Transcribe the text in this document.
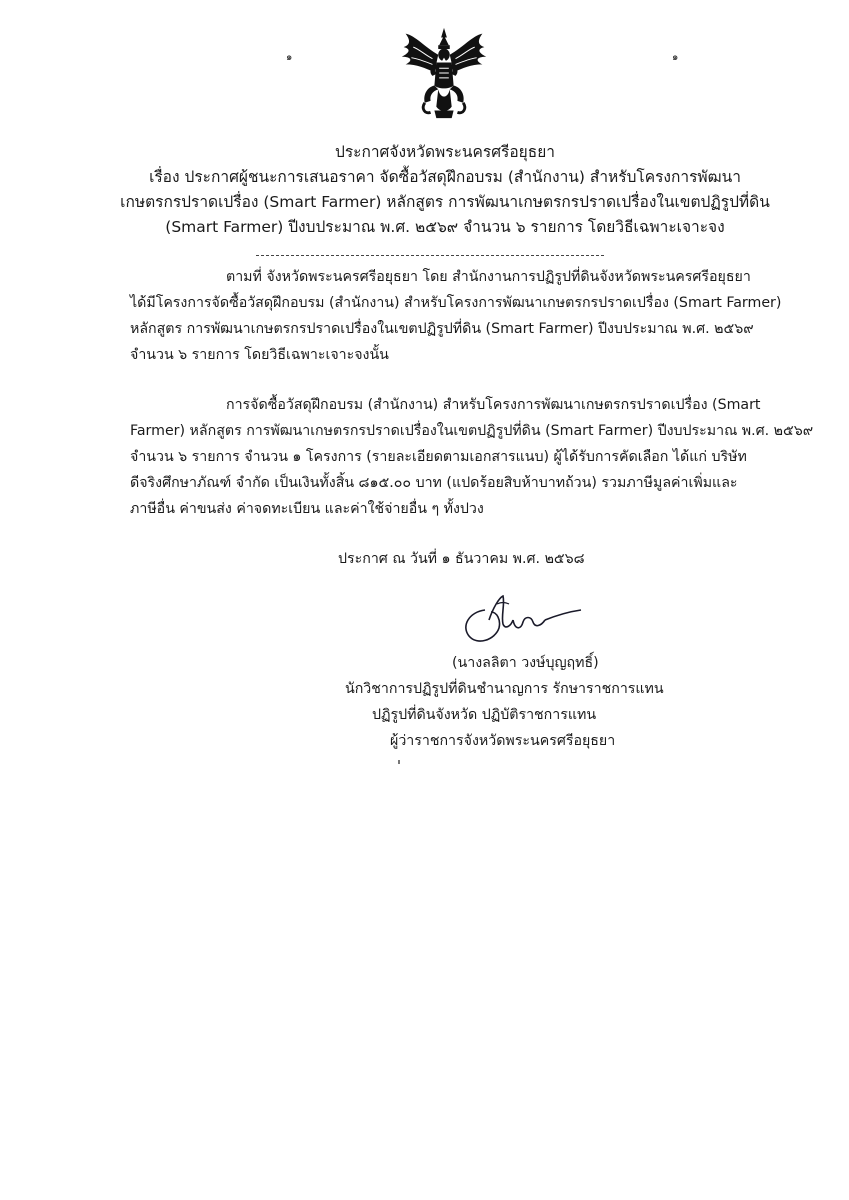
๑	๑
ประกาศจังหวัดพระนครศรีอยุธยา
เรื่อง ประกาศผู้ชนะการเสนอราคา จัดซื้อวัสดุฝึกอบรม (สำนักงาน) สำหรับโครงการพัฒนา
เกษตรกรปราดเปรื่อง (Smart Farmer) หลักสูตร การพัฒนาเกษตรกรปราดเปรื่องในเขตปฏิรูปที่ดิน
(Smart Farmer) ปีงบประมาณ พ.ศ. ๒๕๖๙ จำนวน ๖ รายการ โดยวิธีเฉพาะเจาะจง
ตามที่ จังหวัดพระนครศรีอยุธยา โดย สำนักงานการปฏิรูปที่ดินจังหวัดพระนครศรีอยุธยา
ได้มีโครงการจัดซื้อวัสดุฝึกอบรม (สำนักงาน) สำหรับโครงการพัฒนาเกษตรกรปราดเปรื่อง (Smart Farmer)
หลักสูตร การพัฒนาเกษตรกรปราดเปรื่องในเขตปฏิรูปที่ดิน (Smart Farmer) ปีงบประมาณ พ.ศ. ๒๕๖๙
จำนวน ๖ รายการ โดยวิธีเฉพาะเจาะจงนั้น
การจัดซื้อวัสดุฝึกอบรม (สำนักงาน) สำหรับโครงการพัฒนาเกษตรกรปราดเปรื่อง (Smart
Farmer) หลักสูตร การพัฒนาเกษตรกรปราดเปรื่องในเขตปฏิรูปที่ดิน (Smart Farmer) ปีงบประมาณ พ.ศ. ๒๕๖๙
จำนวน ๖ รายการ จำนวน ๑ โครงการ (รายละเอียดตามเอกสารแนบ) ผู้ได้รับการคัดเลือก ได้แก่ บริษัท
ดีจริงศึกษาภัณฑ์ จำกัด เป็นเงินทั้งสิ้น ๘๑๕.๐๐ บาท (แปดร้อยสิบห้าบาทถ้วน) รวมภาษีมูลค่าเพิ่มและ
ภาษีอื่น ค่าขนส่ง ค่าจดทะเบียน และค่าใช้จ่ายอื่น ๆ ทั้งปวง
ประกาศ ณ วันที่ ๑ ธันวาคม พ.ศ. ๒๕๖๘
(นางลลิตา วงษ์บุญฤทธิ์)
นักวิชาการปฏิรูปที่ดินชำนาญการ รักษาราชการแทน
ปฏิรูปที่ดินจังหวัด ปฏิบัติราชการแทน
ผู้ว่าราชการจังหวัดพระนครศรีอยุธยา
